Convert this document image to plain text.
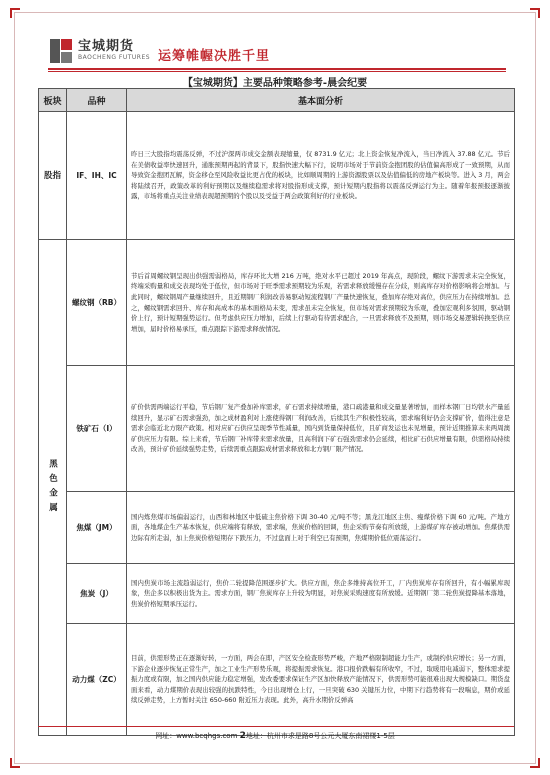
宝城期货
BAOCHENG FUTURES 运筹帷幄决胜千里
【宝城期货】主要品种策略参考-晨会纪要
板块	品种	基本面分析
股指	IF、IH、IC	昨日三大股指均震荡反弹，不过沪深两市成交金额表现缩量，仅 8731.9 亿元；北上资金恢复净流入，当日净流入 37.88 亿元。节后在美债收益率快速回升，通胀预期再起的背景下，股指快速大幅下行，说明市场对于节前资金抱团股的估值偏高形成了一致预期，从而导致资金抱团瓦解，资金移仓至风险收益比更占优的板块，比如顺周期的上游资源股票以及估值偏低的房地产板块等。进入 3 月，两会将陆续召开，政策改革的利好预期以及继续稳需求将对股指形成支撑，预计短期内股指将以震荡反弹运行为主。随着年报预报逐渐披露，市场将重点关注业绩表现超预期的个股以及受益于两会政策利好的行业板块。
黑色金属	螺纹钢（RB）	节后首周螺纹钢呈现出供强需弱格局，库存环比大增 216 万吨，绝对水平已超过 2019 年高点，现阶段，螺纹下游需求未完全恢复，终端采购量和成交表现均处于低位，但市场对于旺季需求预期较为乐观，若需求释放缓慢存在分歧，则高库存对价格影响将会增加。与此同时，螺纹钢周产量继续回升，且近期钢厂利润改善易驱动短流程钢厂产量快速恢复，叠加库存绝对高位，供应压力在持续增加。总之，螺纹钢需求回升、库存和高成本的基本面格局未变，需求虽未完全恢复，但市场对需求预期较为乐观，叠加宏观利多氛围，驱动钢价上行，预计短期强势运行。但考虑供应压力增加，后续上行驱动有待需求配合，一旦需求释放不及预期，则市场交易逻辑转换至供应增加，届时价格易承压，重点跟踪下游需求释放情况。
	铁矿石（I）	矿价供需两端运行平稳，节后钢厂复产叠加补库需求，矿石需求持续增量，港口疏港量和成交量显著增加，而样本钢厂日均铁水产量延续回升，显示矿石需求强劲，加之成材盈利对上涨使得钢厂利润改善，后续其生产积极性较高，需求端利好仍会支撑矿价，值得注意是需求会临近北方限产政策。相对应矿石供应呈现季节性减量，国内到货量保持低位，且矿商发运也未见增量，预计近期推算未来两周澳矿供应压力有限。综上来看，节后钢厂补库带来需求放量，且高利润下矿石强劲需求仍会延续，相比矿石供应增量有限，供需格局持续改善，预计矿价延续强势走势，后续需重点跟踪成材需求释放和北方钢厂限产情况。
	焦煤（JM）	国内炼焦煤市场偏弱运行，山西和林地区中低硫主焦价格下调 30-40 元/吨不等；黑龙江地区主焦、瘦煤价格下调 60 元/吨。产地方面，各地煤企生产基本恢复，供应端将有释放，需求端，焦炭价格的回调，焦企采购节奏有所放缓，上游煤矿库存被动增加。焦煤供需边际有所走弱，加上焦炭价格短期存下跌压力，不过盘面上对于利空已有预期，焦煤期价低位震荡运行。
	焦炭（J）	国内焦炭市场主流趋弱运行，焦价二轮提降范围逐步扩大。供应方面，焦企多维持高位开工，厂内焦炭库存有所回升，有小幅累库现象，焦企多以积极出货为主。需求方面，钢厂焦炭库存上升较为明显，对焦炭采购速度有所放缓。近期钢厂第二轮焦炭提降基本落地，焦炭价格短期承压运行。
	动力煤（ZC）	目前，供需形势正在逐渐好转，一方面，两会在即，产区安全检查形势严峻，产地严格限制超能力生产，或制约供应增长；另一方面，下游企业逐步恢复正常生产，加之工业生产形势乐观，将提振需求恢复。港口报价跌幅有所收窄，不过，取暖用电减弱下，整体需求提振力度或有限，加之国内供应能力稳定增强，发改委要求保证生产区加快释放产能情况下，供需形势可能很难出现大规模缺口。期货盘面来看，动力煤期价表现出较强的抗跌特性，今日出现增仓上行，一旦突破 630 关键压力位，中期下行趋势将有一段喘息，期价或延续反弹走势，上方暂时关注 650-660 附近压力表现。此外，高升水期价反弹高
网址：www.bcqhgs.com 2地址：杭州市求是路8号公元大厦东南裙楼1-5层
